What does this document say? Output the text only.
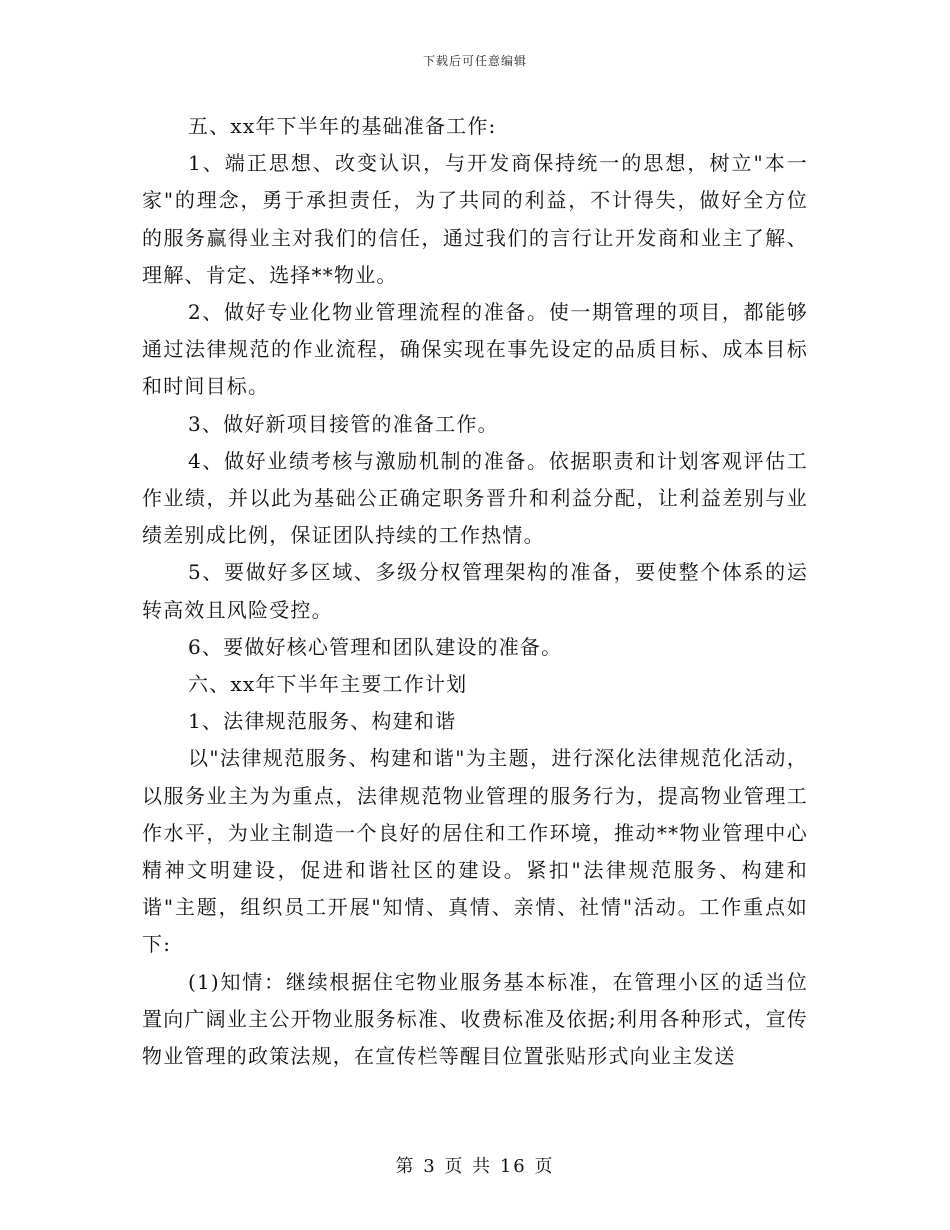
下载后可任意编辑

五、xx年下半年的基础准备工作:

1、端正思想、改变认识，与开发商保持统一的思想，树立"本一家"的理念，勇于承担责任，为了共同的利益，不计得失，做好全方位的服务赢得业主对我们的信任，通过我们的言行让开发商和业主了解、理解、肯定、选择**物业。

2、做好专业化物业管理流程的准备。使一期管理的项目，都能够通过法律规范的作业流程，确保实现在事先设定的品质目标、成本目标和时间目标。

3、做好新项目接管的准备工作。

4、做好业绩考核与激励机制的准备。依据职责和计划客观评估工作业绩，并以此为基础公正确定职务晋升和利益分配，让利益差别与业绩差别成比例，保证团队持续的工作热情。

5、要做好多区域、多级分权管理架构的准备，要使整个体系的运转高效且风险受控。

6、要做好核心管理和团队建设的准备。

六、xx年下半年主要工作计划

1、法律规范服务、构建和谐

以"法律规范服务、构建和谐"为主题，进行深化法律规范化活动，以服务业主为为重点，法律规范物业管理的服务行为，提高物业管理工作水平，为业主制造一个良好的居住和工作环境，推动**物业管理中心精神文明建设，促进和谐社区的建设。紧扣"法律规范服务、构建和谐"主题，组织员工开展"知情、真情、亲情、社情"活动。工作重点如下:

(1)知情：继续根据住宅物业服务基本标准，在管理小区的适当位置向广阔业主公开物业服务标准、收费标准及依据;利用各种形式，宣传物业管理的政策法规，在宣传栏等醒目位置张贴形式向业主发送

第 3 页 共 16 页
